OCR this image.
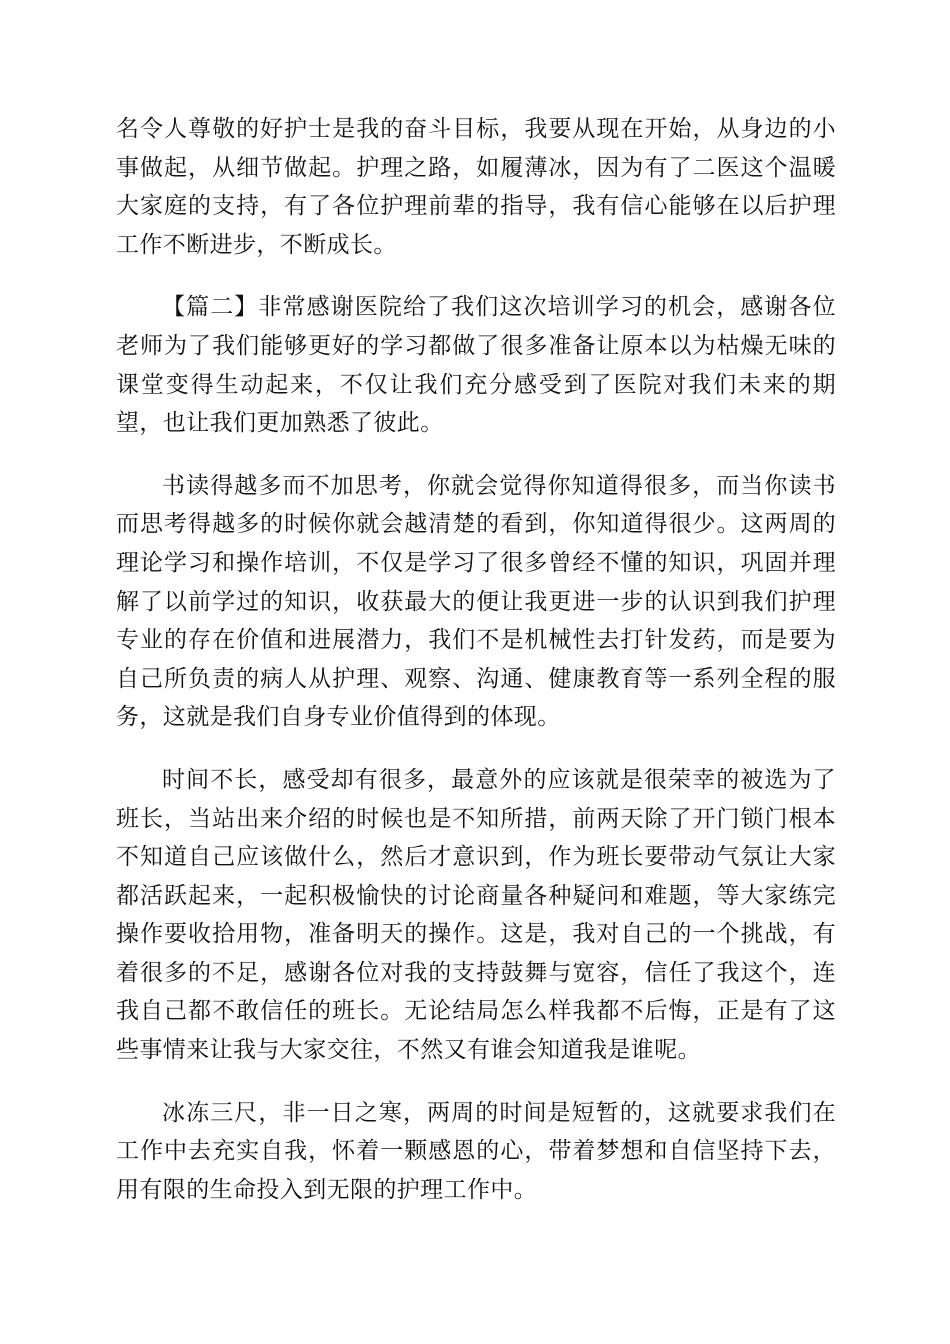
名令人尊敬的好护士是我的奋斗目标，我要从现在开始，从身边的小事做起，从细节做起。护理之路，如履薄冰，因为有了二医这个温暖大家庭的支持，有了各位护理前辈的指导，我有信心能够在以后护理工作不断进步，不断成长。

【篇二】非常感谢医院给了我们这次培训学习的机会，感谢各位老师为了我们能够更好的学习都做了很多准备让原本以为枯燥无味的课堂变得生动起来，不仅让我们充分感受到了医院对我们未来的期望，也让我们更加熟悉了彼此。

书读得越多而不加思考，你就会觉得你知道得很多，而当你读书而思考得越多的时候你就会越清楚的看到，你知道得很少。这两周的理论学习和操作培训，不仅是学习了很多曾经不懂的知识，巩固并理解了以前学过的知识，收获最大的便让我更进一步的认识到我们护理专业的存在价值和进展潜力，我们不是机械性去打针发药，而是要为自己所负责的病人从护理、观察、沟通、健康教育等一系列全程的服务，这就是我们自身专业价值得到的体现。

时间不长，感受却有很多，最意外的应该就是很荣幸的被选为了班长，当站出来介绍的时候也是不知所措，前两天除了开门锁门根本不知道自己应该做什么，然后才意识到，作为班长要带动气氛让大家都活跃起来，一起积极愉快的讨论商量各种疑问和难题，等大家练完操作要收拾用物，准备明天的操作。这是，我对自己的一个挑战，有着很多的不足，感谢各位对我的支持鼓舞与宽容，信任了我这个，连我自己都不敢信任的班长。无论结局怎么样我都不后悔，正是有了这些事情来让我与大家交往，不然又有谁会知道我是谁呢。

冰冻三尺，非一日之寒，两周的时间是短暂的，这就要求我们在工作中去充实自我，怀着一颗感恩的心，带着梦想和自信坚持下去，用有限的生命投入到无限的护理工作中。
